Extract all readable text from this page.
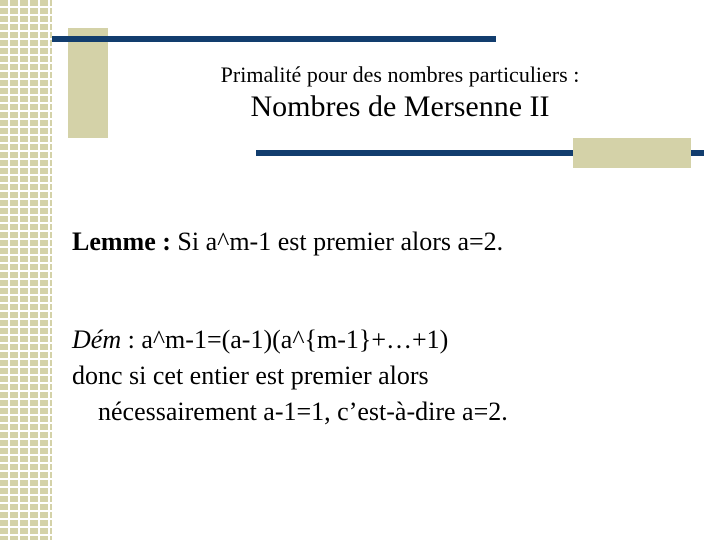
Primalité pour des nombres particuliers :
Nombres de Mersenne II
Lemme : Si a^m-1 est premier alors a=2.
Dém : a^m-1=(a-1)(a^{m-1}+…+1)
donc si cet entier est premier alors
nécessairement a-1=1, c’est-à-dire a=2.
